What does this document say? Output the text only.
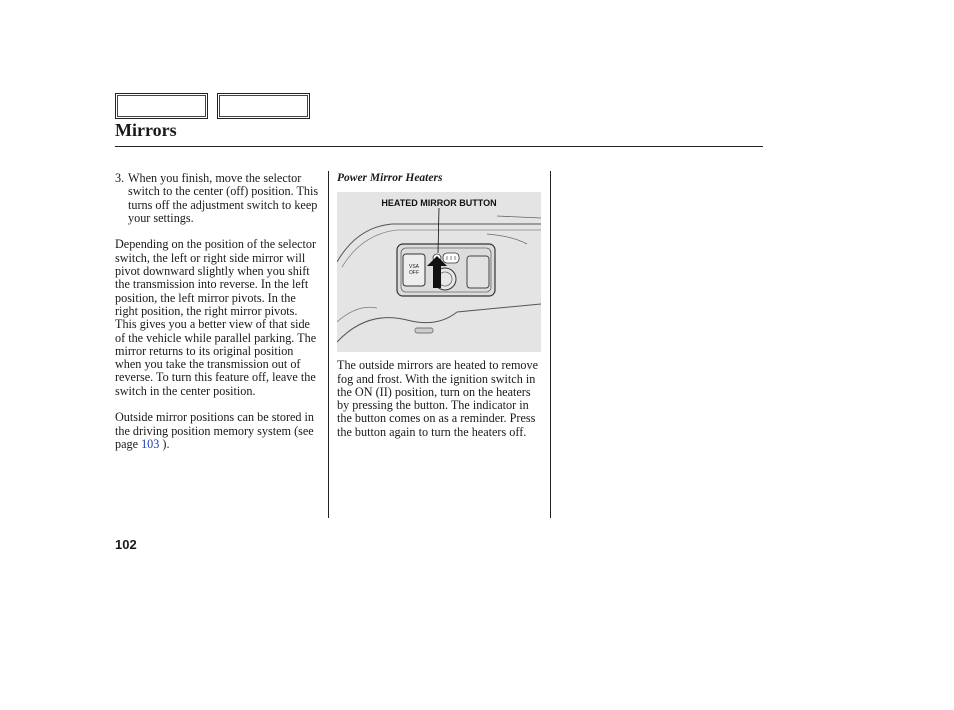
Mirrors
3. When you finish, move the selector switch to the center (off) position. This turns off the adjustment switch to keep your settings.

Depending on the position of the selector switch, the left or right side mirror will pivot downward slightly when you shift the transmission into reverse. In the left position, the left mirror pivots. In the right position, the right mirror pivots. This gives you a better view of that side of the vehicle while parallel parking. The mirror returns to its original position when you take the transmission out of reverse. To turn this feature off, leave the switch in the center position.

Outside mirror positions can be stored in the driving position memory system (see page 103 ).

Power Mirror Heaters
HEATED MIRROR BUTTON
VSA
OFF

The outside mirrors are heated to remove fog and frost. With the ignition switch in the ON (II) position, turn on the heaters by pressing the button. The indicator in the button comes on as a reminder. Press the button again to turn the heaters off.

102
